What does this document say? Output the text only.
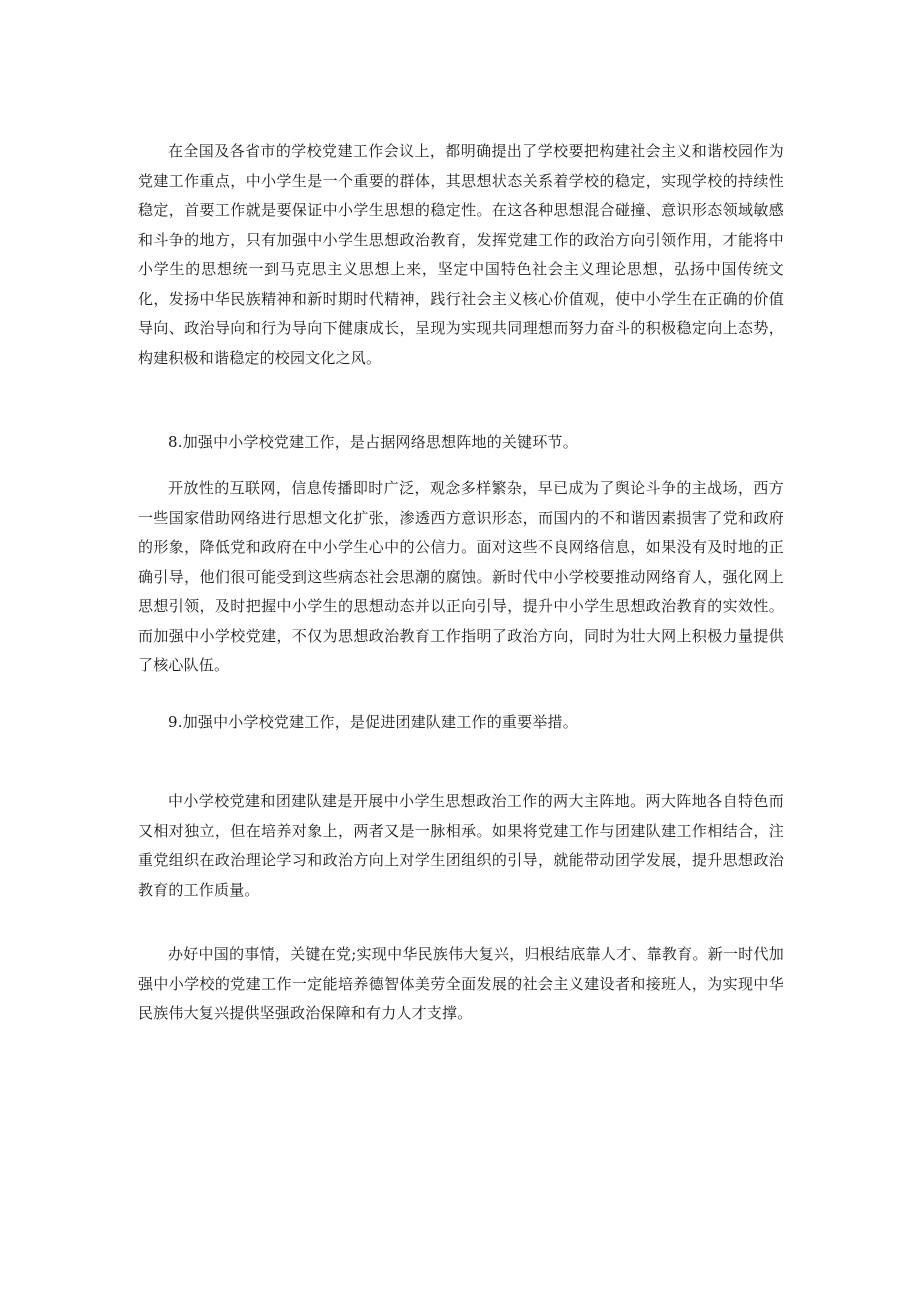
在全国及各省市的学校党建工作会议上，都明确提出了学校要把构建社会主义和谐校园作为党建工作重点，中小学生是一个重要的群体，其思想状态关系着学校的稳定，实现学校的持续性稳定，首要工作就是要保证中小学生思想的稳定性。在这各种思想混合碰撞、意识形态领域敏感和斗争的地方，只有加强中小学生思想政治教育，发挥党建工作的政治方向引领作用，才能将中小学生的思想统一到马克思主义思想上来，坚定中国特色社会主义理论思想，弘扬中国传统文化，发扬中华民族精神和新时期时代精神，践行社会主义核心价值观，使中小学生在正确的价值导向、政治导向和行为导向下健康成长，呈现为实现共同理想而努力奋斗的积极稳定向上态势，构建积极和谐稳定的校园文化之风。

8.加强中小学校党建工作，是占据网络思想阵地的关键环节。

开放性的互联网，信息传播即时广泛，观念多样繁杂，早已成为了舆论斗争的主战场，西方一些国家借助网络进行思想文化扩张，渗透西方意识形态，而国内的不和谐因素损害了党和政府的形象，降低党和政府在中小学生心中的公信力。面对这些不良网络信息，如果没有及时地的正确引导，他们很可能受到这些病态社会思潮的腐蚀。新时代中小学校要推动网络育人，强化网上思想引领，及时把握中小学生的思想动态并以正向引导，提升中小学生思想政治教育的实效性。而加强中小学校党建，不仅为思想政治教育工作指明了政治方向，同时为壮大网上积极力量提供了核心队伍。

9.加强中小学校党建工作，是促进团建队建工作的重要举措。

中小学校党建和团建队建是开展中小学生思想政治工作的两大主阵地。两大阵地各自特色而又相对独立，但在培养对象上，两者又是一脉相承。如果将党建工作与团建队建工作相结合，注重党组织在政治理论学习和政治方向上对学生团组织的引导，就能带动团学发展，提升思想政治教育的工作质量。

办好中国的事情，关键在党;实现中华民族伟大复兴，归根结底靠人才、靠教育。新一时代加强中小学校的党建工作一定能培养德智体美劳全面发展的社会主义建设者和接班人，为实现中华民族伟大复兴提供坚强政治保障和有力人才支撑。
